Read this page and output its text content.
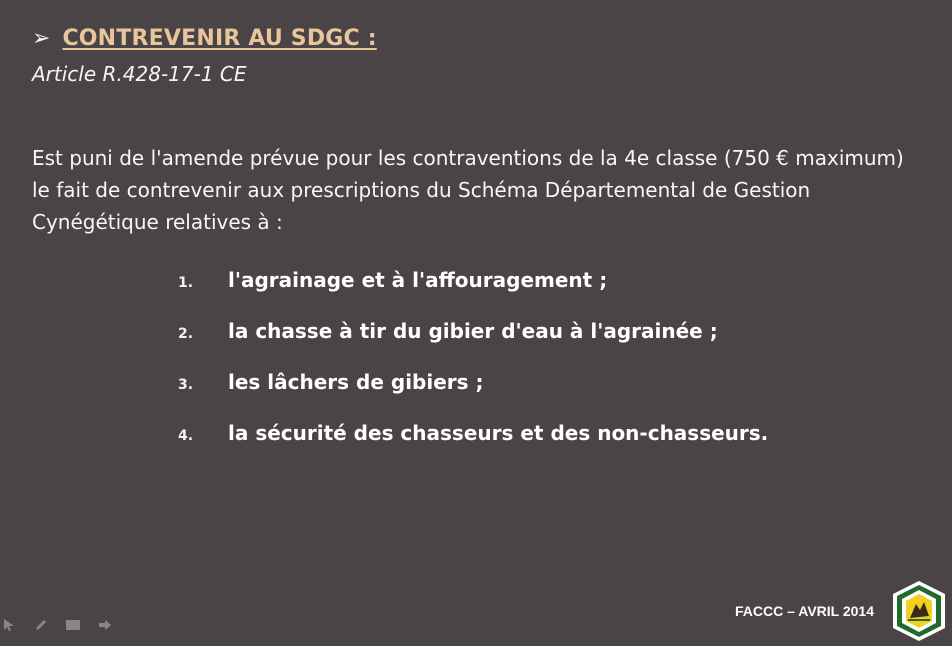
➢ CONTREVENIR AU SDGC :
Article R.428-17-1 CE
Est puni de l'amende prévue pour les contraventions de la 4e classe (750 € maximum) le fait de contrevenir aux prescriptions du Schéma Départemental de Gestion Cynégétique relatives à :
1.	l'agrainage et à l'affouragement ;
2.	la chasse à tir du gibier d'eau à l'agrainée ;
3.	les lâchers de gibiers ;
4.	la sécurité des chasseurs et des non-chasseurs.
FACCC – AVRIL 2014
